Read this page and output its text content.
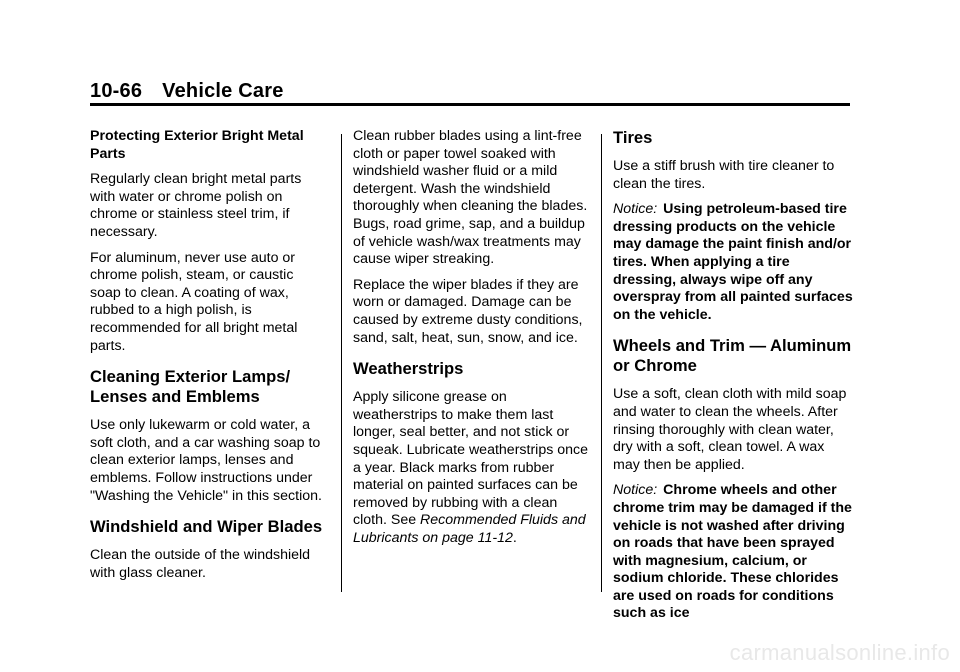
10-66 Vehicle Care

Protecting Exterior Bright Metal Parts

Regularly clean bright metal parts with water or chrome polish on chrome or stainless steel trim, if necessary.

For aluminum, never use auto or chrome polish, steam, or caustic soap to clean. A coating of wax, rubbed to a high polish, is recommended for all bright metal parts.

Cleaning Exterior Lamps/ Lenses and Emblems

Use only lukewarm or cold water, a soft cloth, and a car washing soap to clean exterior lamps, lenses and emblems. Follow instructions under "Washing the Vehicle" in this section.

Windshield and Wiper Blades

Clean the outside of the windshield with glass cleaner.

Clean rubber blades using a lint-free cloth or paper towel soaked with windshield washer fluid or a mild detergent. Wash the windshield thoroughly when cleaning the blades. Bugs, road grime, sap, and a buildup of vehicle wash/wax treatments may cause wiper streaking.

Replace the wiper blades if they are worn or damaged. Damage can be caused by extreme dusty conditions, sand, salt, heat, sun, snow, and ice.

Weatherstrips

Apply silicone grease on weatherstrips to make them last longer, seal better, and not stick or squeak. Lubricate weatherstrips once a year. Black marks from rubber material on painted surfaces can be removed by rubbing with a clean cloth. See Recommended Fluids and Lubricants on page 11-12.

Tires

Use a stiff brush with tire cleaner to clean the tires.

Notice: Using petroleum-based tire dressing products on the vehicle may damage the paint finish and/or tires. When applying a tire dressing, always wipe off any overspray from all painted surfaces on the vehicle.

Wheels and Trim — Aluminum or Chrome

Use a soft, clean cloth with mild soap and water to clean the wheels. After rinsing thoroughly with clean water, dry with a soft, clean towel. A wax may then be applied.

Notice: Chrome wheels and other chrome trim may be damaged if the vehicle is not washed after driving on roads that have been sprayed with magnesium, calcium, or sodium chloride. These chlorides are used on roads for conditions such as ice

carmanualsonline.info
